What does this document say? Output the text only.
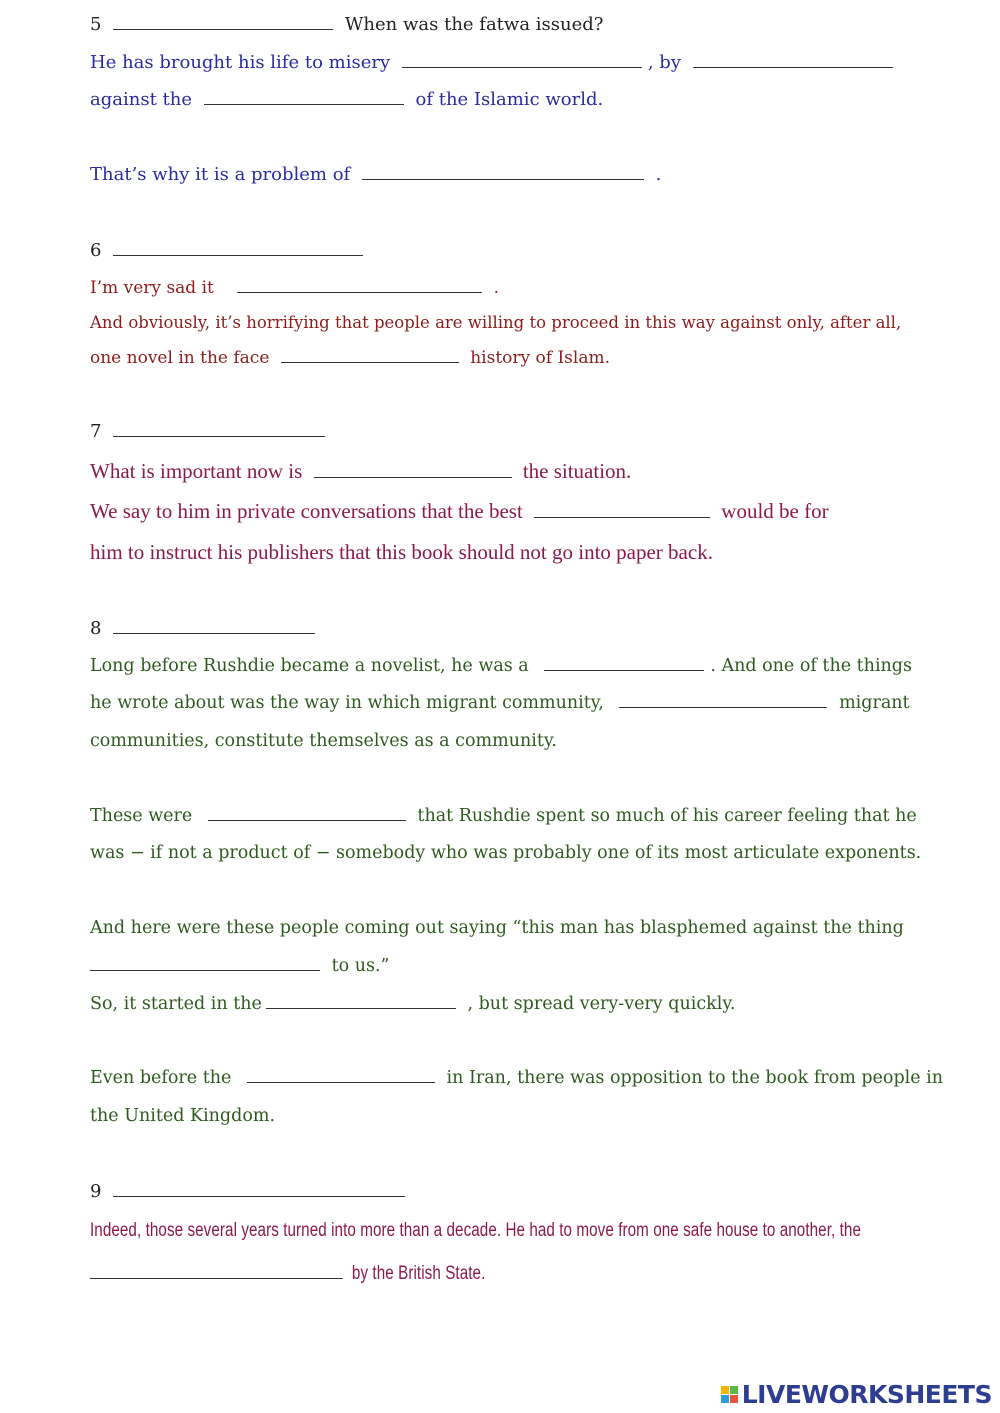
5	When was the fatwa issued?
He has brought his life to misery	, by
against the	of the Islamic world.
That’s why it is a problem of	.
6
I’m very sad it	.
And obviously, it’s horrifying that people are willing to proceed in this way against only, after all,
one novel in the face	history of Islam.
7
What is important now is	the situation.
We say to him in private conversations that the best	would be for
him to instruct his publishers that this book should not go into paper back.
8
Long before Rushdie became a novelist, he was a	. And one of the things
he wrote about was the way in which migrant community,	migrant
communities, constitute themselves as a community.
These were	that Rushdie spent so much of his career feeling that he
was − if not a product of − somebody who was probably one of its most articulate exponents.
And here were these people coming out saying “this man has blasphemed against the thing
to us.”
So, it started in the	, but spread very-very quickly.
Even before the	in Iran, there was opposition to the book from people in
the United Kingdom.
9
Indeed, those several years turned into more than a decade. He had to move from one safe house to another, the
by the British State.
LIVEWORKSHEETS
